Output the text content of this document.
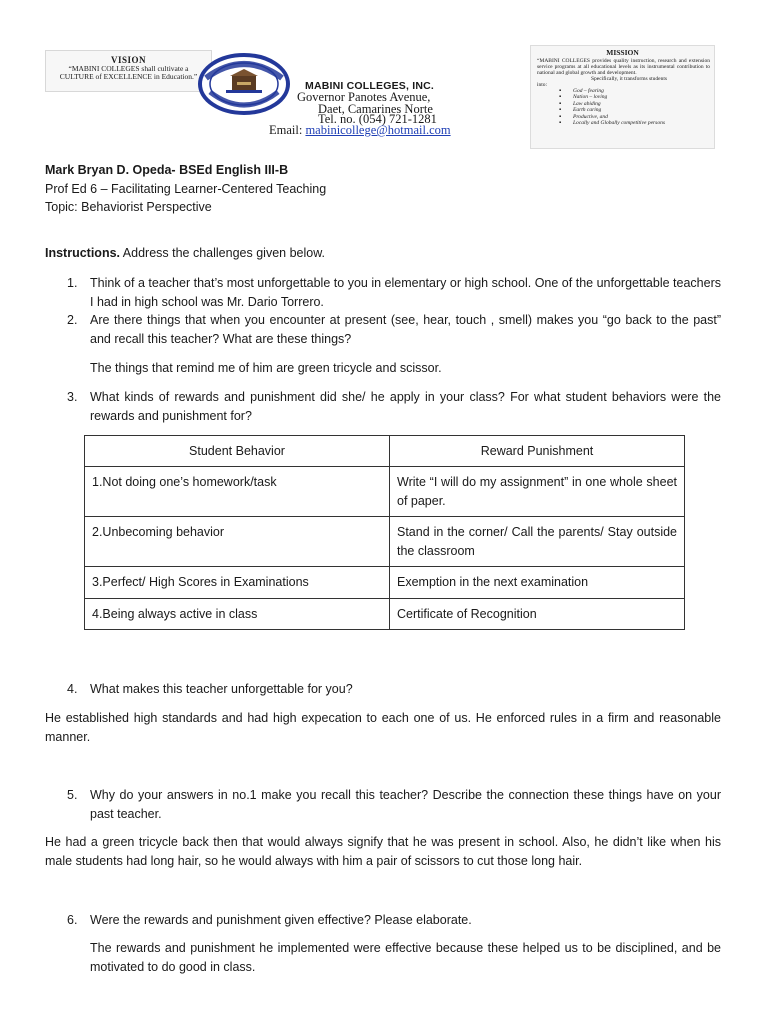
VISION
“MABINI COLLEGES shall cultivate a CULTURE of EXCELLENCE in Education.”
MABINI COLLEGES, INC.
Governor Panotes Avenue,
Daet, Camarines Norte
Tel. no. (054) 721-1281
Email: mabinicollege@hotmail.com
MISSION
“MABINI COLLEGES provides quality instruction, research and extension service programs at all educational levels as its instrumental contribution to national and global growth and development.
Specifically, it transforms students
into:
▪ God – fearing
▪ Nation – loving
▪ Law abiding
▪ Earth caring
▪ Productive, and
▪ Locally and Globally competitive persons
Mark Bryan D. Opeda- BSEd English III-B
Prof Ed 6 – Facilitating Learner-Centered Teaching
Topic: Behaviorist Perspective
Instructions. Address the challenges given below.
1. Think of a teacher that’s most unforgettable to you in elementary or high school. One of the unforgettable teachers I had in high school was Mr. Dario Torrero.
2. Are there things that when you encounter at present (see, hear, touch , smell) makes you “go back to the past” and recall this teacher? What are these things?
The things that remind me of him are green tricycle and scissor.
3. What kinds of rewards and punishment did she/ he apply in your class? For what student behaviors were the rewards and punishment for?
Student Behavior	Reward Punishment
1.Not doing one’s homework/task	Write “I will do my assignment” in one whole sheet of paper.
2.Unbecoming behavior	Stand in the corner/ Call the parents/ Stay outside the classroom
3.Perfect/ High Scores in Examinations	Exemption in the next examination
4.Being always active in class	Certificate of Recognition
4. What makes this teacher unforgettable for you?
He established high standards and had high expecation to each one of us. He enforced rules in a firm and reasonable manner.
5. Why do your answers in no.1 make you recall this teacher? Describe the connection these things have on your past teacher.
He had a green tricycle back then that would always signify that he was present in school. Also, he didn’t like when his male students had long hair, so he would always with him a pair of scissors to cut those long hair.
6. Were the rewards and punishment given effective? Please elaborate.
The rewards and punishment he implemented were effective because these helped us to be disciplined, and be motivated to do good in class.
